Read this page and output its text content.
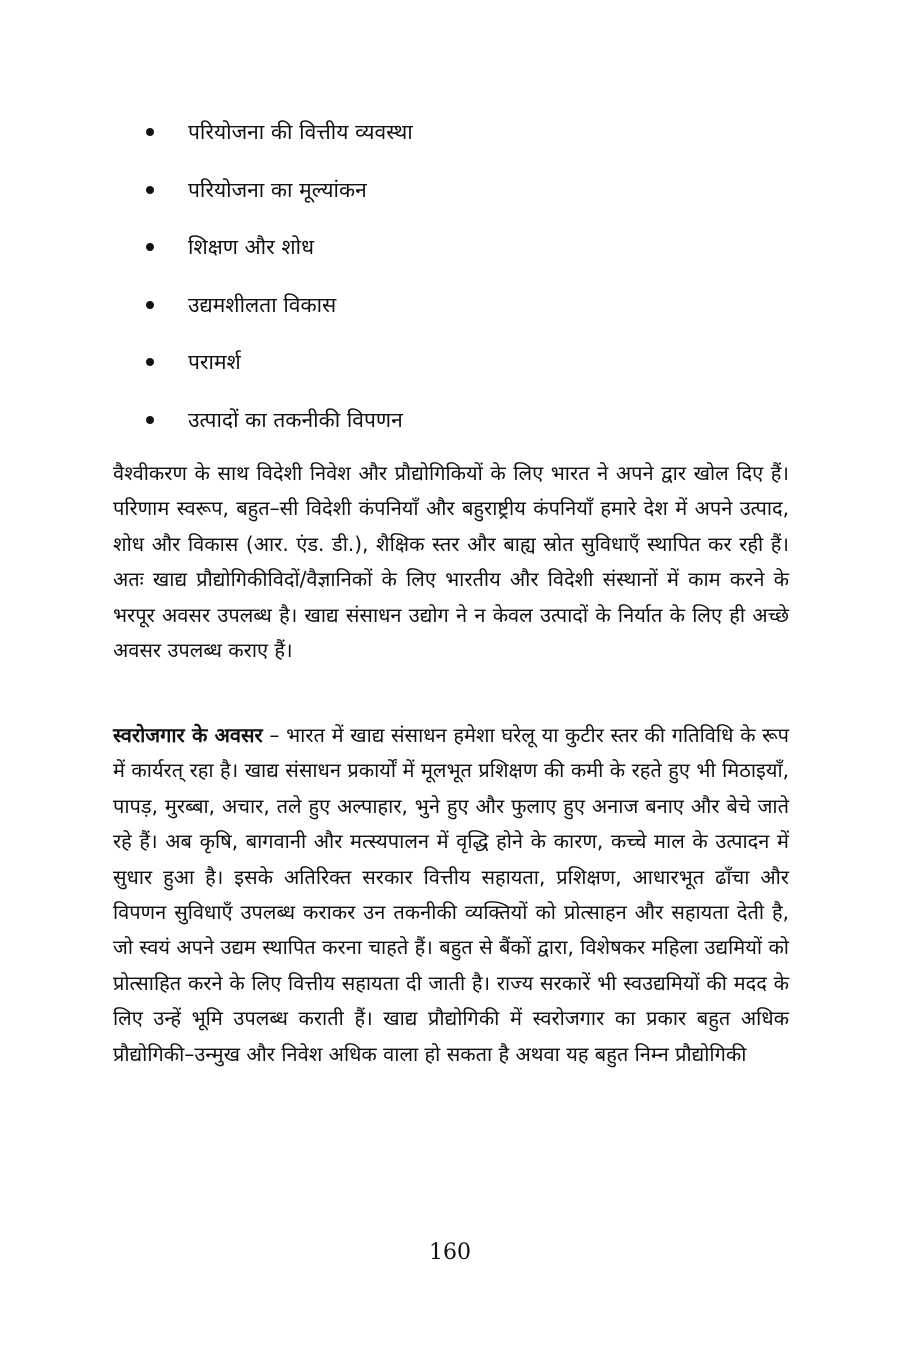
परियोजना की वित्तीय व्यवस्था
परियोजना का मूल्यांकन
शिक्षण और शोध
उद्यमशीलता विकास
परामर्श
उत्पादों का तकनीकी विपणन

वैश्वीकरण के साथ विदेशी निवेश और प्रौद्योगिकियों के लिए भारत ने अपने द्वार खोल दिए हैं। परिणाम स्वरूप, बहुत–सी विदेशी कंपनियाँ और बहुराष्ट्रीय कंपनियाँ हमारे देश में अपने उत्पाद, शोध और विकास (आर. एंड. डी.), शैक्षिक स्तर और बाह्य स्रोत सुविधाएँ स्थापित कर रही हैं। अतः खाद्य प्रौद्योगिकीविदों/वैज्ञानिकों के लिए भारतीय और विदेशी संस्थानों में काम करने के भरपूर अवसर उपलब्ध है। खाद्य संसाधन उद्योग ने न केवल उत्पादों के निर्यात के लिए ही अच्छे अवसर उपलब्ध कराए हैं।

स्वरोजगार के अवसर – भारत में खाद्य संसाधन हमेशा घरेलू या कुटीर स्तर की गतिविधि के रूप में कार्यरत् रहा है। खाद्य संसाधन प्रकार्यों में मूलभूत प्रशिक्षण की कमी के रहते हुए भी मिठाइयाँ, पापड़, मुरब्बा, अचार, तले हुए अल्पाहार, भुने हुए और फुलाए हुए अनाज बनाए और बेचे जाते रहे हैं। अब कृषि, बागवानी और मत्स्यपालन में वृद्धि होने के कारण, कच्चे माल के उत्पादन में सुधार हुआ है। इसके अतिरिक्त सरकार वित्तीय सहायता, प्रशिक्षण, आधारभूत ढाँचा और विपणन सुविधाएँ उपलब्ध कराकर उन तकनीकी व्यक्तियों को प्रोत्साहन और सहायता देती है, जो स्वयं अपने उद्यम स्थापित करना चाहते हैं। बहुत से बैंकों द्वारा, विशेषकर महिला उद्यमियों को प्रोत्साहित करने के लिए वित्तीय सहायता दी जाती है। राज्य सरकारें भी स्वउद्यमियों की मदद के लिए उन्हें भूमि उपलब्ध कराती हैं। खाद्य प्रौद्योगिकी में स्वरोजगार का प्रकार बहुत अधिक प्रौद्योगिकी–उन्मुख और निवेश अधिक वाला हो सकता है अथवा यह बहुत निम्न प्रौद्योगिकी

160
